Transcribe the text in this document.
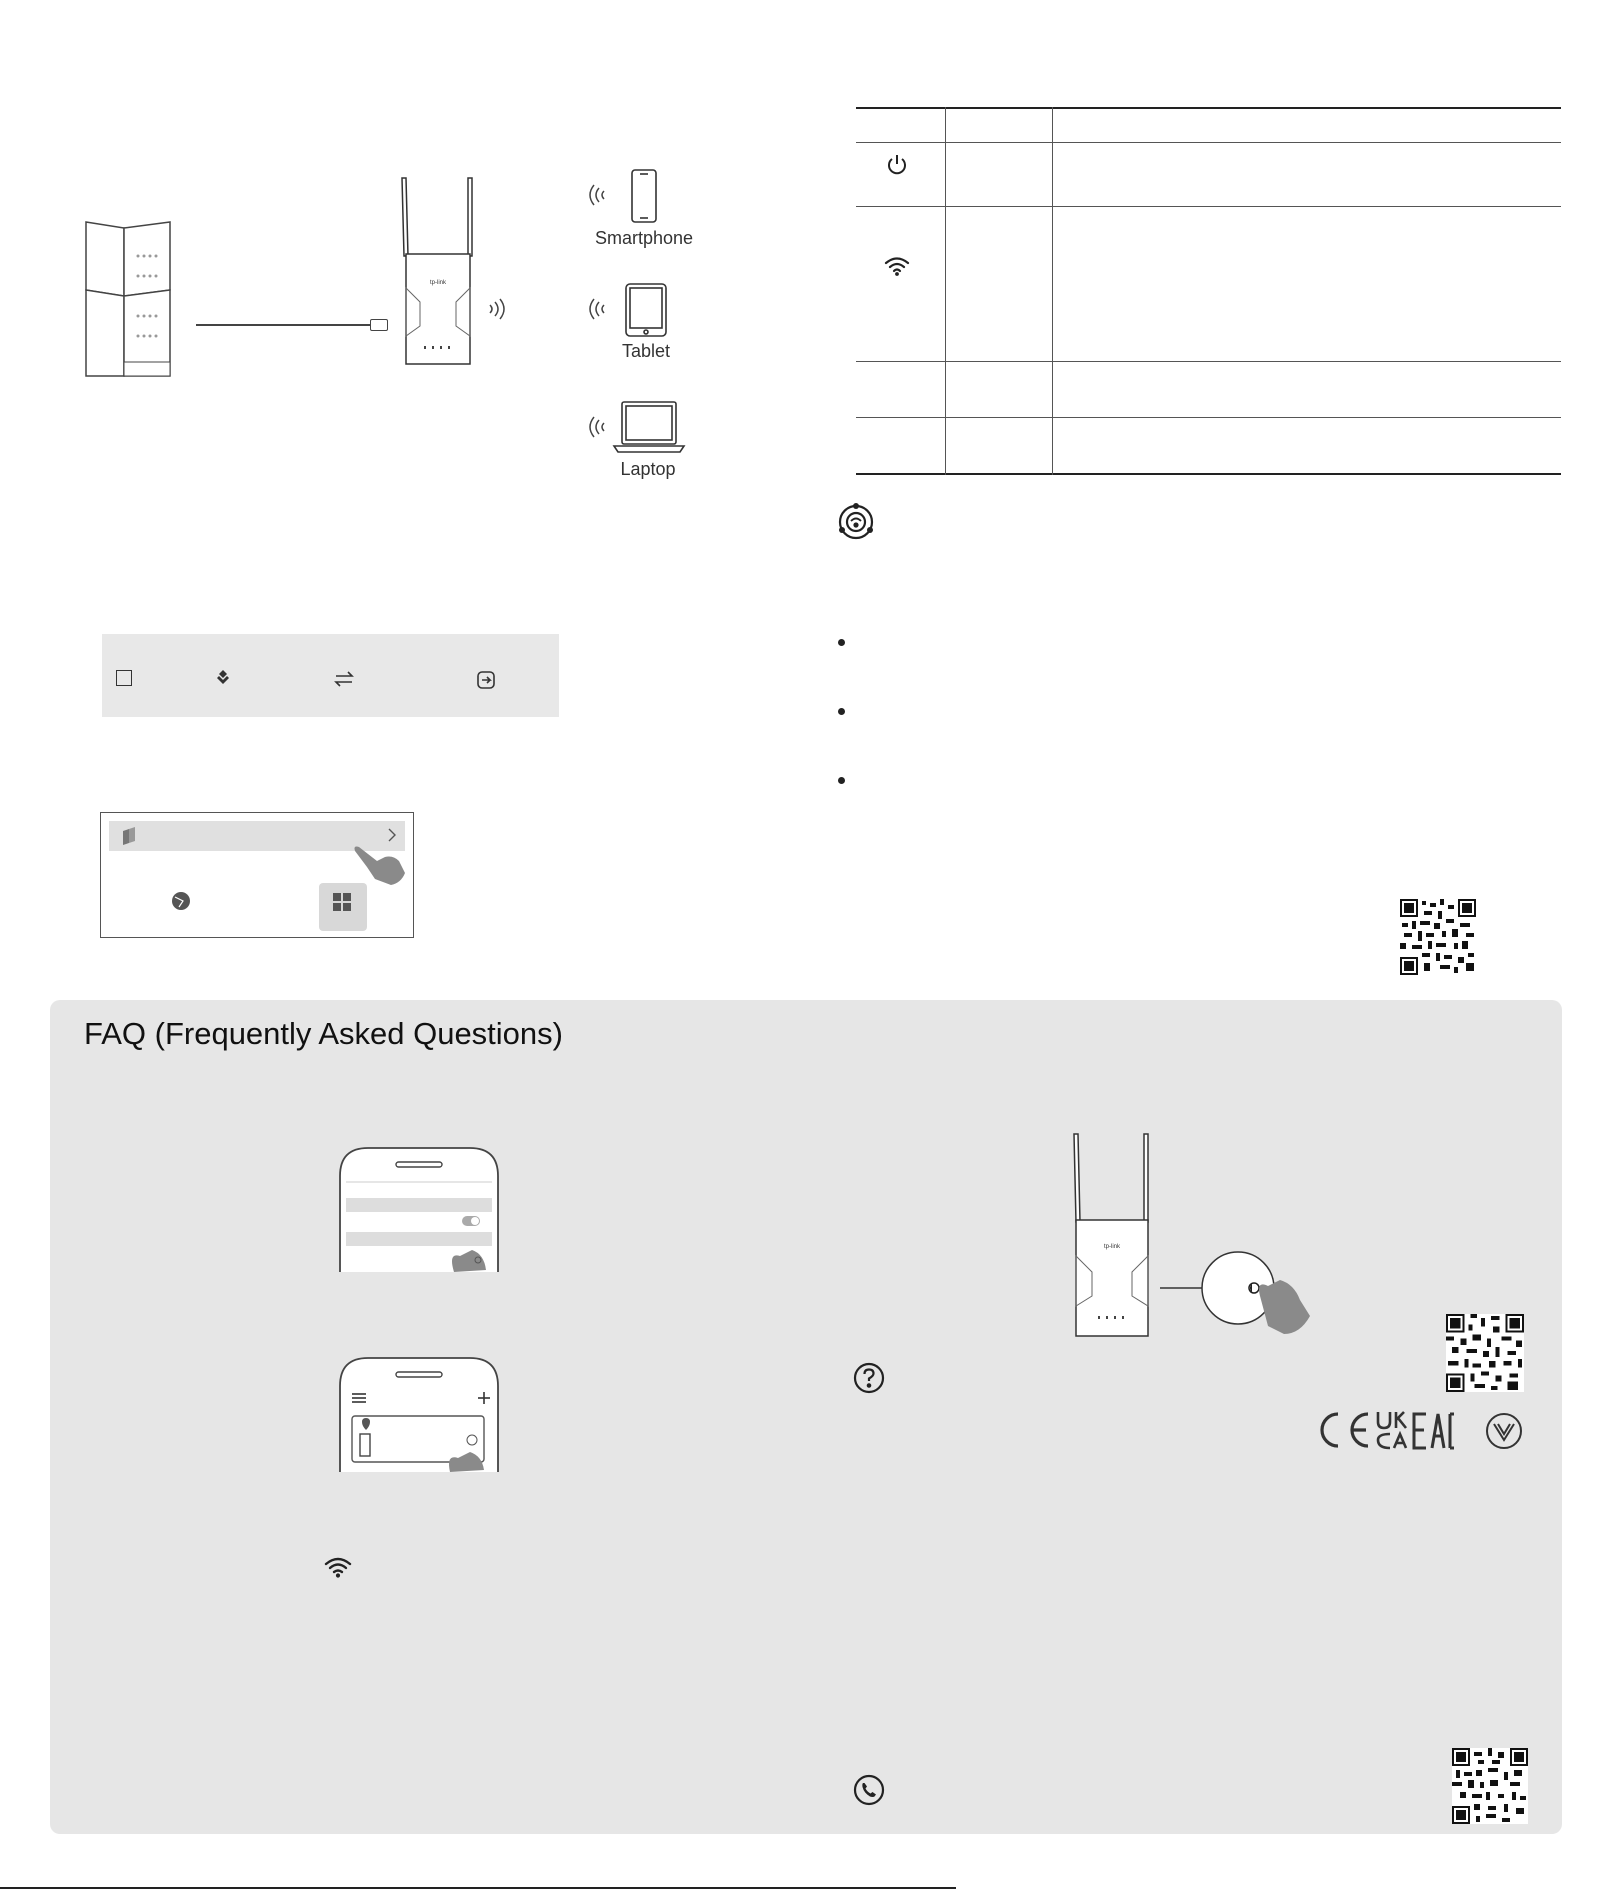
tp-link
Smartphone
Tablet
Laptop
FAQ (Frequently Asked Questions)
tp-link
